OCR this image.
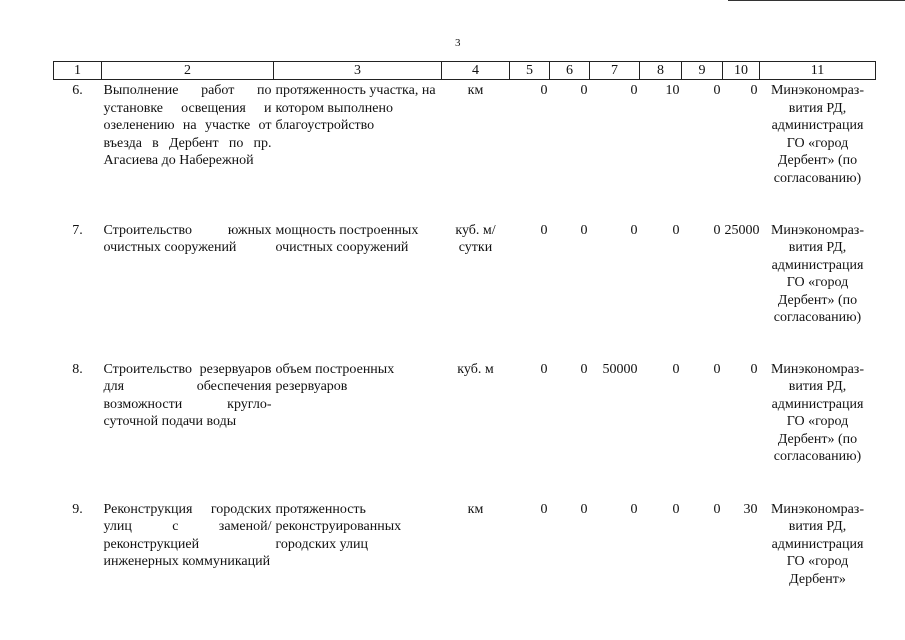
3
1	2	3	4	5	6	7	8	9	10	11
6.	Выполнение работ по установке освещения и озеленению на участке от въезда в Дербент по пр. Агасиева до Набережной	протяженность участка, на котором выполнено благоустройство	км	0	0	0	10	0	0	Минэкономразвития РД, администрация ГО «город Дербент» (по согласованию)
7.	Строительство южных очистных сооружений	мощность построенных очистных сооружений	куб. м/сутки	0	0	0	0	0	25000	Минэкономразвития РД, администрация ГО «город Дербент» (по согласованию)
8.	Строительство резервуаров для обеспечения возможности круглосуточной подачи воды	объем построенных резервуаров	куб. м	0	0	50000	0	0	0	Минэкономразвития РД, администрация ГО «город Дербент» (по согласованию)
9.	Реконструкция городских улиц с заменой/реконструкцией инженерных коммуникаций	протяженность реконструированных городских улиц	км	0	0	0	0	0	30	Минэкономразвития РД, администрация ГО «город Дербент»
